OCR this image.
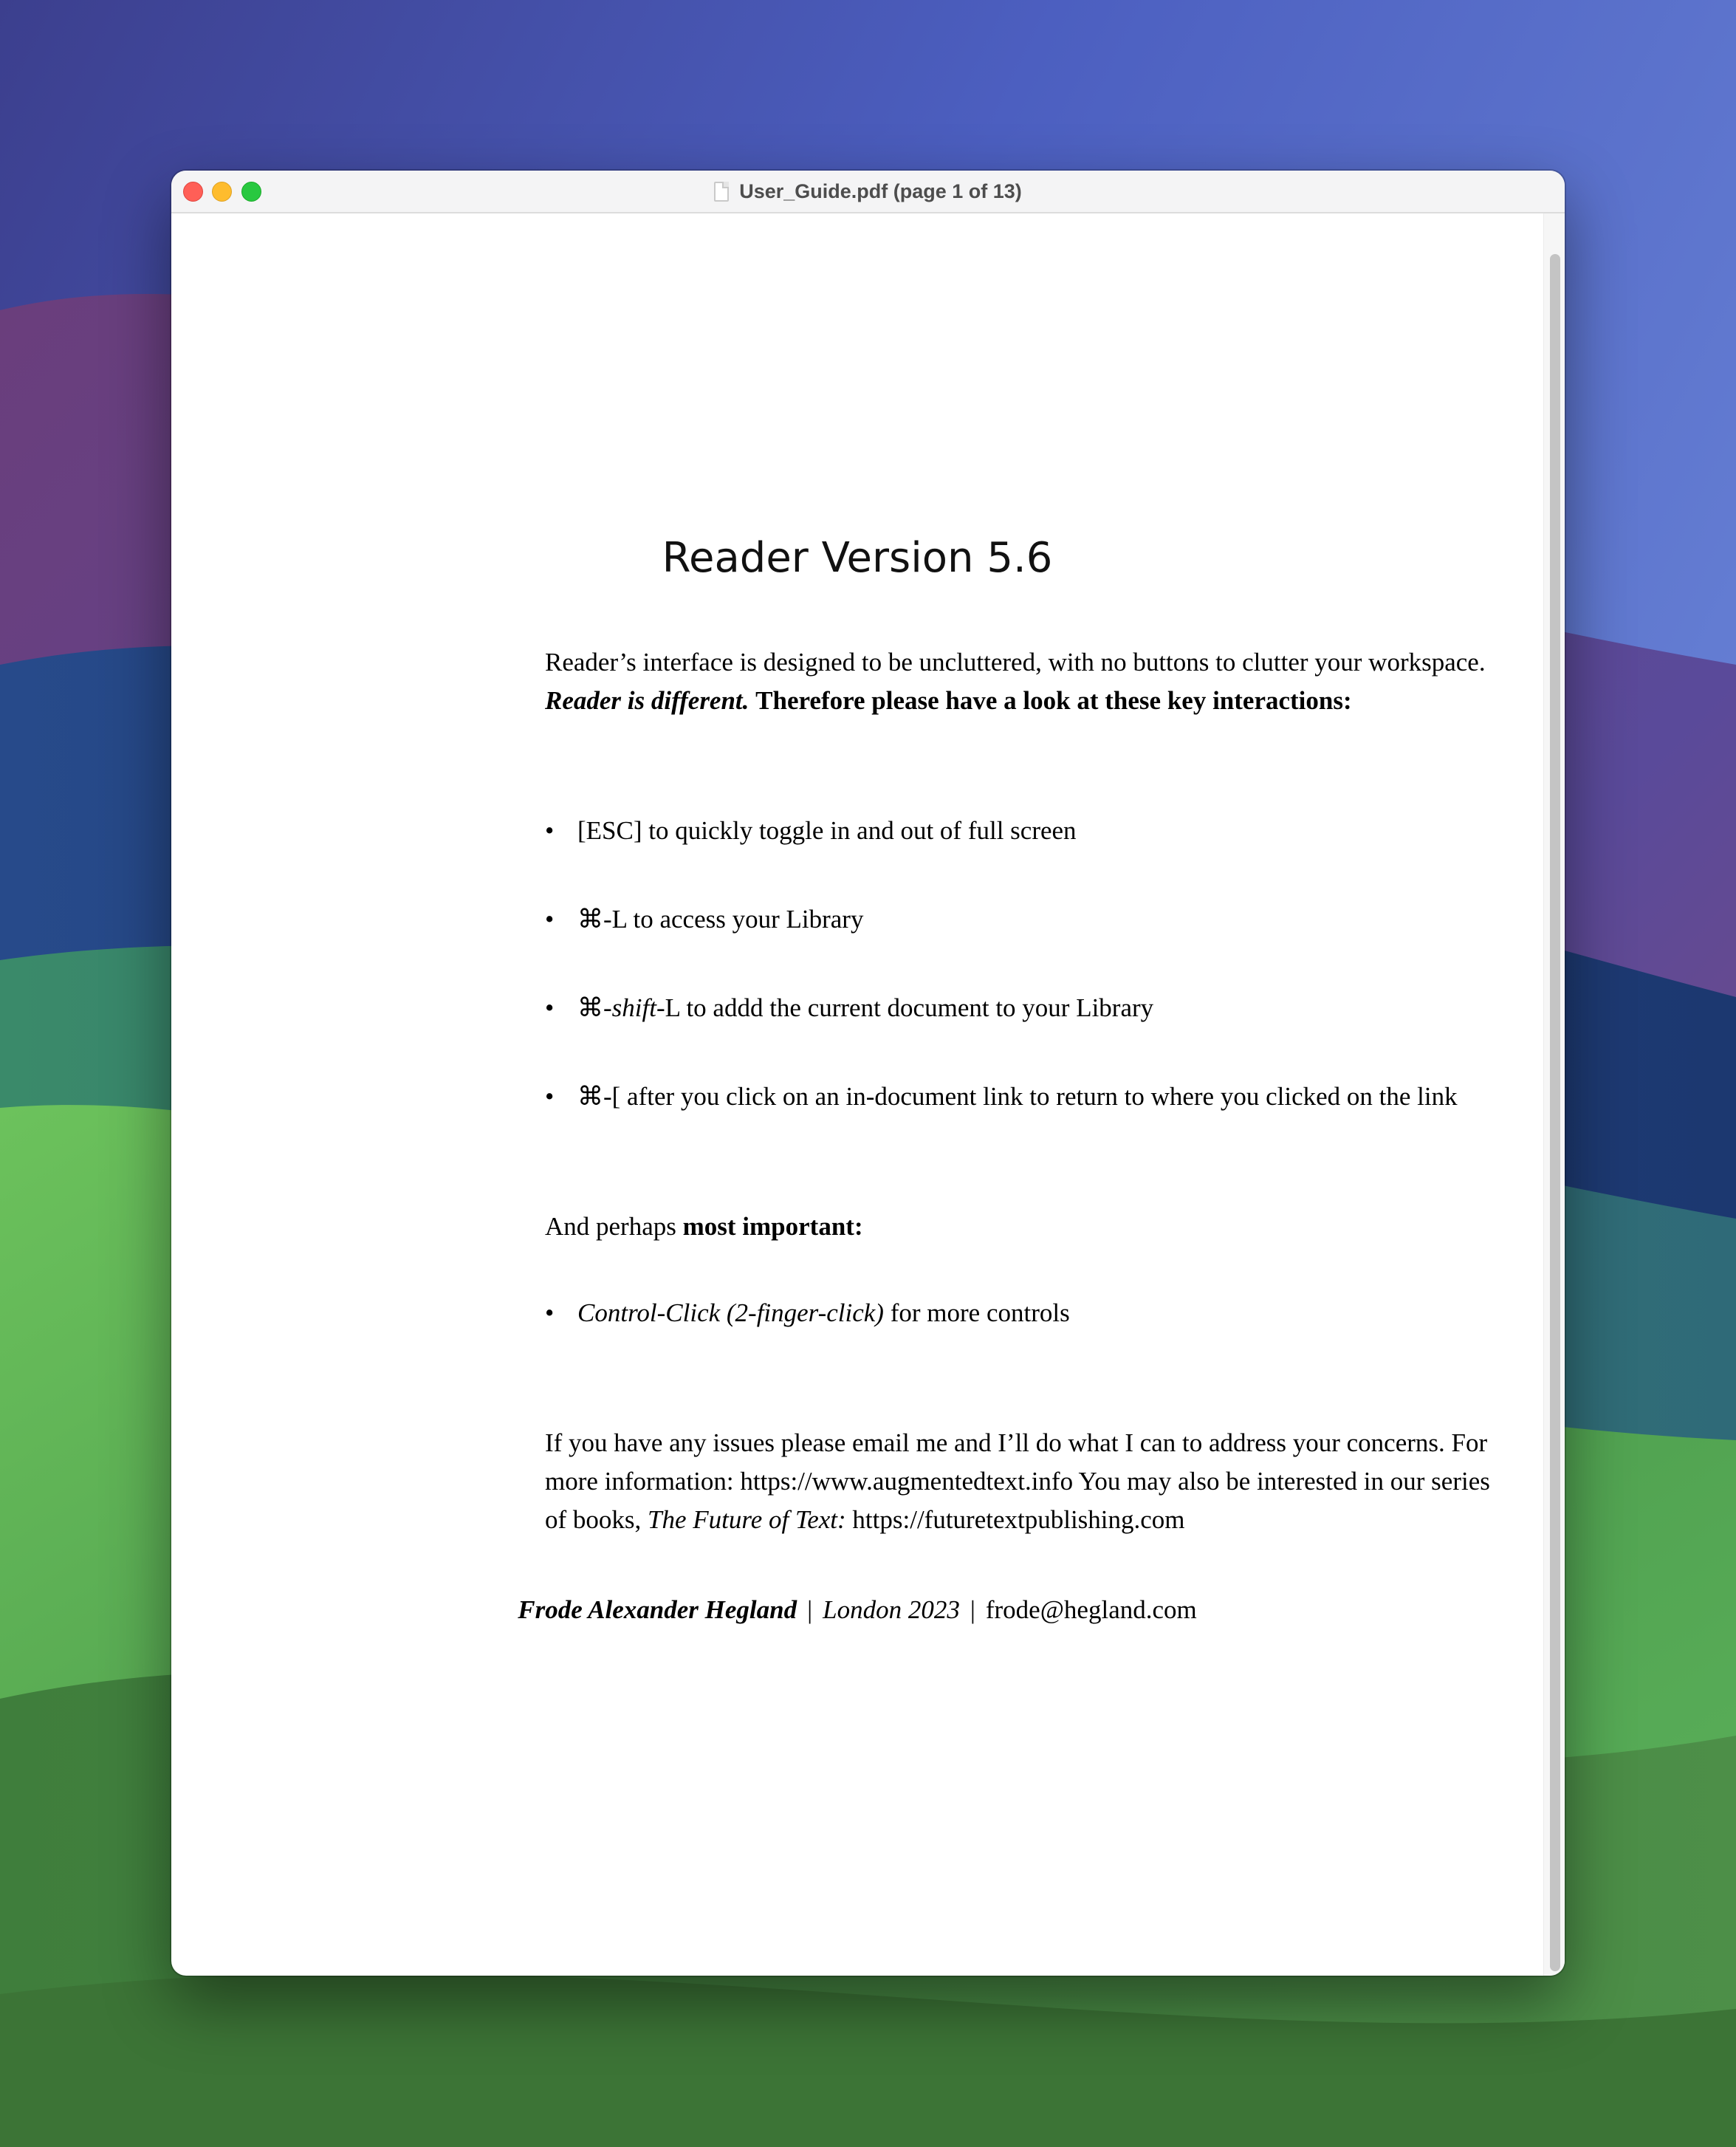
User_Guide.pdf (page 1 of 13)
Reader Version 5.6

Reader’s interface is designed to be uncluttered, with no buttons to clutter your workspace.
Reader is different. Therefore please have a look at these key interactions:

• [ESC] to quickly toggle in and out of full screen

• ⌘-L to access your Library

• ⌘-shift-L to addd the current document to your Library

• ⌘-[ after you click on an in-document link to return to where you clicked on the link

And perhaps most important:

• Control-Click (2-finger-click) for more controls

If you have any issues please email me and I’ll do what I can to address your concerns. For
more information: https://www.augmentedtext.info You may also be interested in our series
of books, The Future of Text: https://futuretextpublishing.com

Frode Alexander Hegland | London 2023 | frode@hegland.com
